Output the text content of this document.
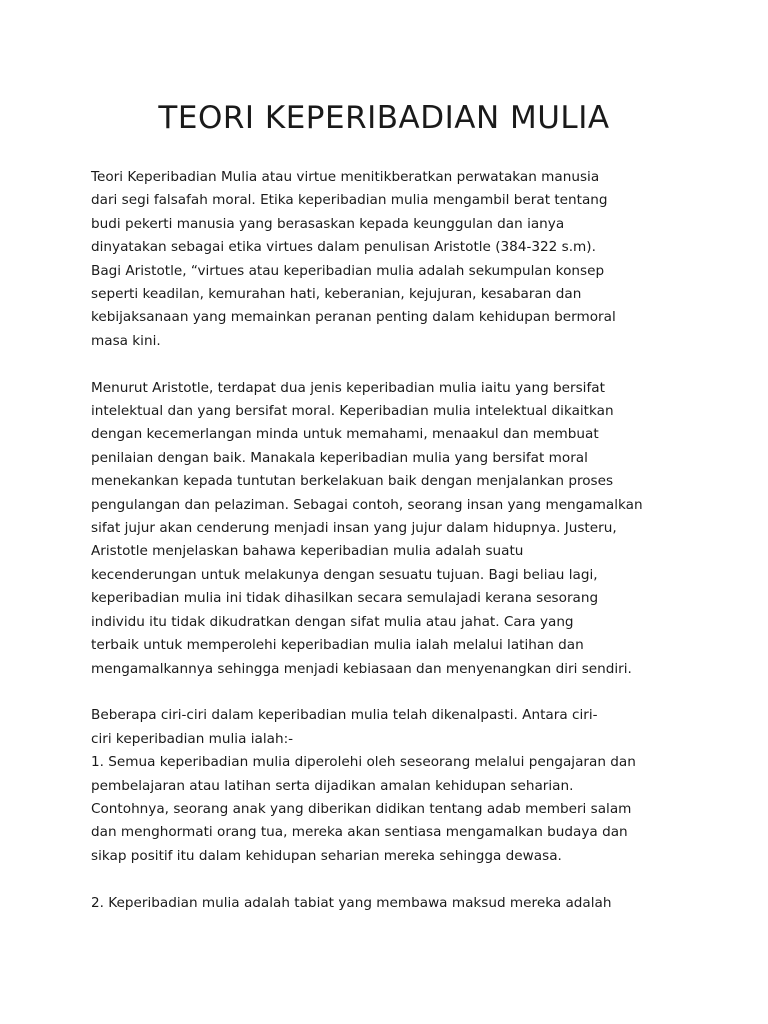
TEORI KEPERIBADIAN MULIA

Teori Keperibadian Mulia atau virtue menitikberatkan perwatakan manusia
dari segi falsafah moral. Etika keperibadian mulia mengambil berat tentang
budi pekerti manusia yang berasaskan kepada keunggulan dan ianya
dinyatakan sebagai etika virtues dalam penulisan Aristotle (384-322 s.m).
Bagi Aristotle, “virtues atau keperibadian mulia adalah sekumpulan konsep
seperti keadilan, kemurahan hati, keberanian, kejujuran, kesabaran dan
kebijaksanaan yang memainkan peranan penting dalam kehidupan bermoral
masa kini.

Menurut Aristotle, terdapat dua jenis keperibadian mulia iaitu yang bersifat
intelektual dan yang bersifat moral. Keperibadian mulia intelektual dikaitkan
dengan kecemerlangan minda untuk memahami, menaakul dan membuat
penilaian dengan baik. Manakala keperibadian mulia yang bersifat moral
menekankan kepada tuntutan berkelakuan baik dengan menjalankan proses
pengulangan dan pelaziman. Sebagai contoh, seorang insan yang mengamalkan
sifat jujur akan cenderung menjadi insan yang jujur dalam hidupnya. Justeru,
Aristotle menjelaskan bahawa keperibadian mulia adalah suatu
kecenderungan untuk melakunya dengan sesuatu tujuan. Bagi beliau lagi,
keperibadian mulia ini tidak dihasilkan secara semulajadi kerana sesorang
individu itu tidak dikudratkan dengan sifat mulia atau jahat. Cara yang
terbaik untuk memperolehi keperibadian mulia ialah melalui latihan dan
mengamalkannya sehingga menjadi kebiasaan dan menyenangkan diri sendiri.

Beberapa ciri-ciri dalam keperibadian mulia telah dikenalpasti. Antara ciri-
ciri keperibadian mulia ialah:-
1. Semua keperibadian mulia diperolehi oleh seseorang melalui pengajaran dan
pembelajaran atau latihan serta dijadikan amalan kehidupan seharian.
Contohnya, seorang anak yang diberikan didikan tentang adab memberi salam
dan menghormati orang tua, mereka akan sentiasa mengamalkan budaya dan
sikap positif itu dalam kehidupan seharian mereka sehingga dewasa.

2. Keperibadian mulia adalah tabiat yang membawa maksud mereka adalah
